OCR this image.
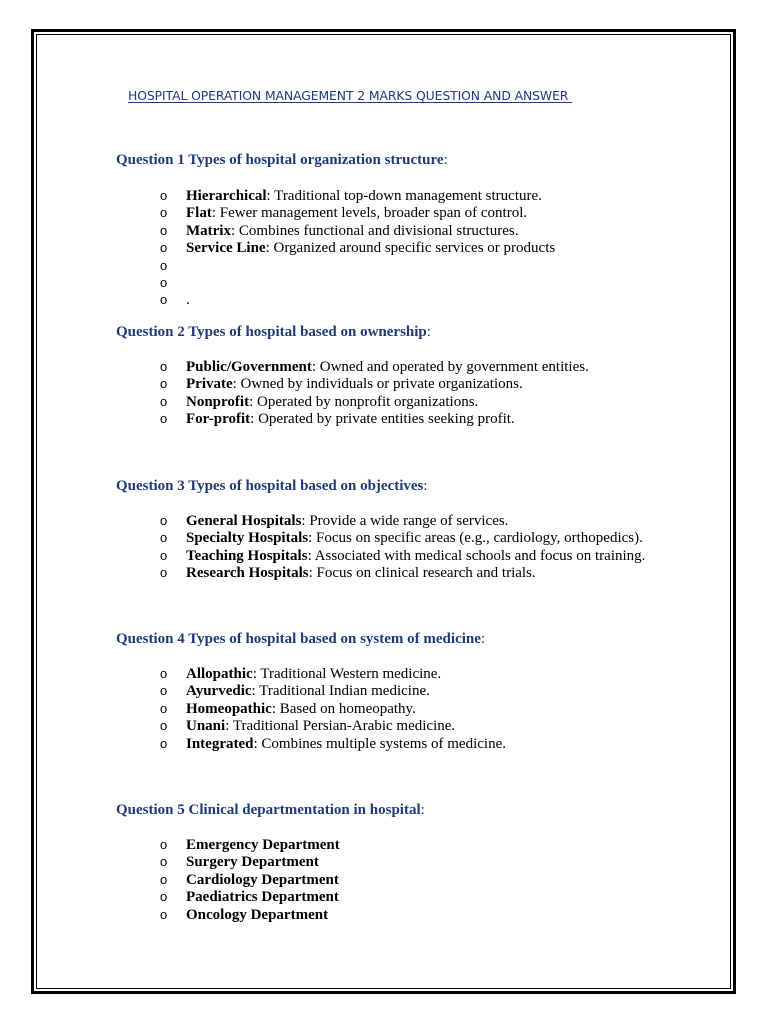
HOSPITAL OPERATION MANAGEMENT 2 MARKS QUESTION AND ANSWER
Question 1 Types of hospital organization structure:
o Hierarchical: Traditional top-down management structure.
o Flat: Fewer management levels, broader span of control.
o Matrix: Combines functional and divisional structures.
o Service Line: Organized around specific services or products
o
o
o .
Question 2 Types of hospital based on ownership:
o Public/Government: Owned and operated by government entities.
o Private: Owned by individuals or private organizations.
o Nonprofit: Operated by nonprofit organizations.
o For-profit: Operated by private entities seeking profit.
Question 3 Types of hospital based on objectives:
o General Hospitals: Provide a wide range of services.
o Specialty Hospitals: Focus on specific areas (e.g., cardiology, orthopedics).
o Teaching Hospitals: Associated with medical schools and focus on training.
o Research Hospitals: Focus on clinical research and trials.
Question 4 Types of hospital based on system of medicine:
o Allopathic: Traditional Western medicine.
o Ayurvedic: Traditional Indian medicine.
o Homeopathic: Based on homeopathy.
o Unani: Traditional Persian-Arabic medicine.
o Integrated: Combines multiple systems of medicine.
Question 5 Clinical departmentation in hospital:
o Emergency Department
o Surgery Department
o Cardiology Department
o Paediatrics Department
o Oncology Department
